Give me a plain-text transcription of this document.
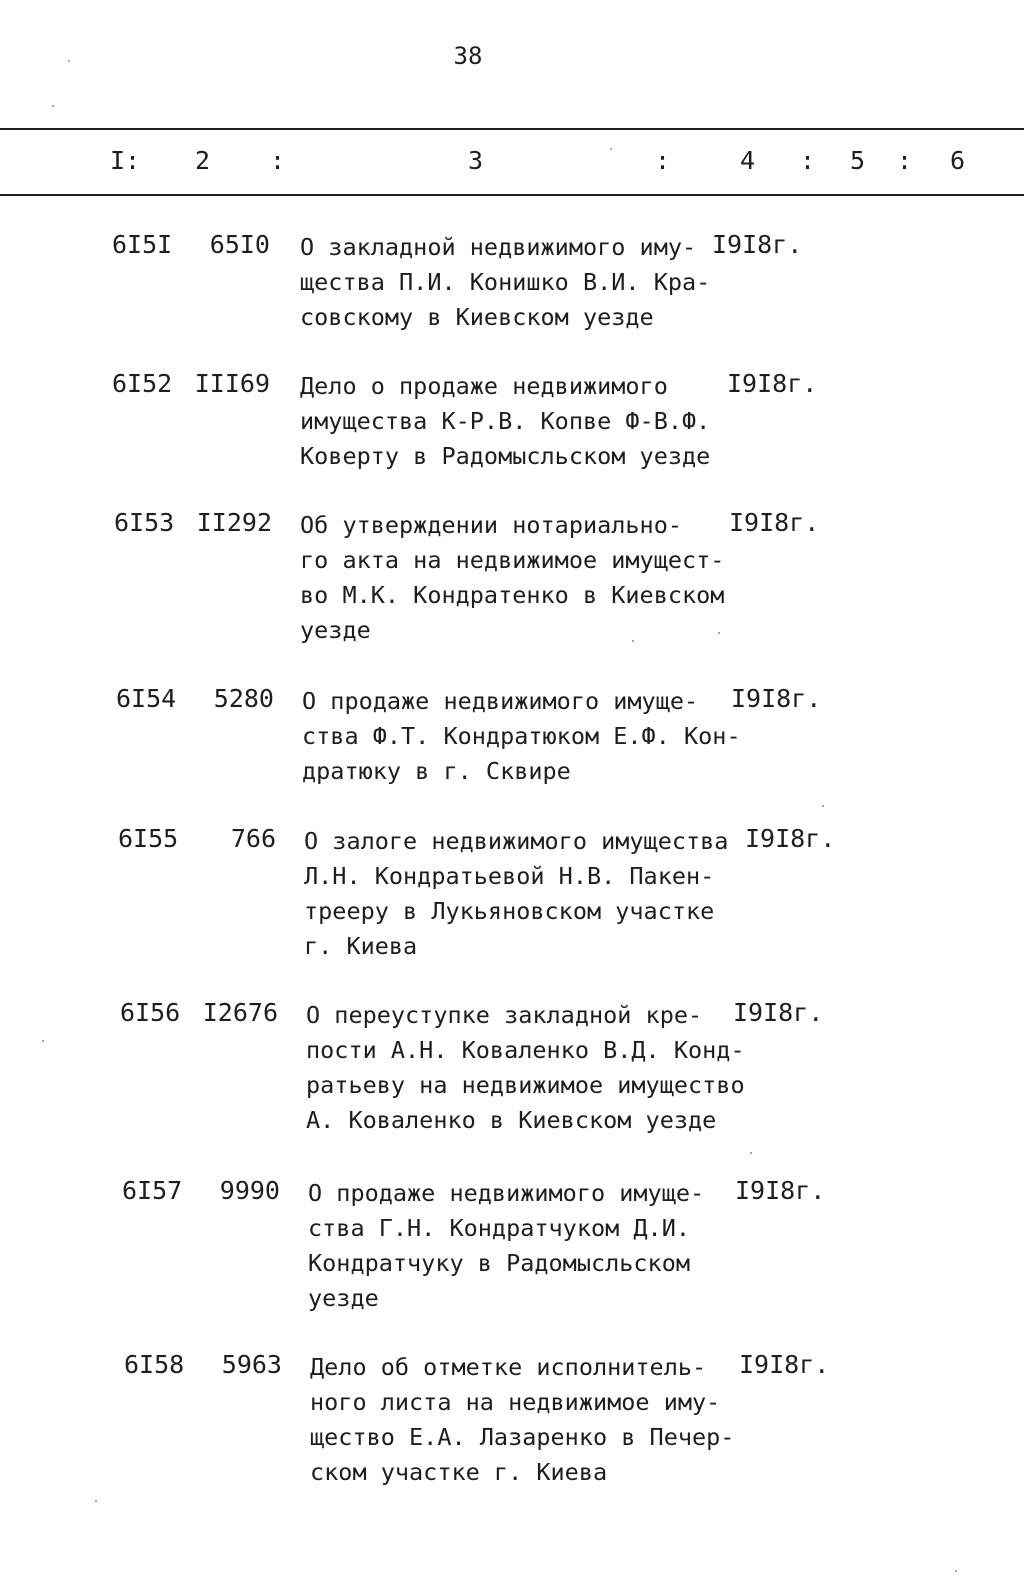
38
I: 2 :	3	:	4 : 5 : 6
6I5I	65I0 О закладной недвижимого иму-
щества П.И. Конишко В.И. Кра-
совскому в Киевском уезде
I9I8г.
6I52 III69 Дело о продаже недвижимого
имущества К-Р.В. Копве Ф-В.Ф.
Коверту в Радомысльском уезде
I9I8г.
6I53 II292 Об утверждении нотариально-
го акта на недвижимое имущест-
во М.К. Кондратенко в Киевском
уезде
I9I8г.
6I54	5280 О продаже недвижимого имуще-
ства Ф.Т. Кондратюком Е.Ф. Кон-
дратюку в г. Сквире
I9I8г.
6I55	766 О залоге недвижимого имущества
Л.Н. Кондратьевой Н.В. Пакен-
трееру в Лукьяновском участке
г. Киева
I9I8г.
6I56 I2676 О переуступке закладной кре-
пости А.Н. Коваленко В.Д. Конд-
ратьеву на недвижимое имущество
А. Коваленко в Киевском уезде
I9I8г.
6I57	9990 О продаже недвижимого имуще-
ства Г.Н. Кондратчуком Д.И.
Кондратчуку в Радомысльском
уезде
I9I8г.
6I58	5963 Дело об отметке исполнитель-
ного листа на недвижимое иму-
щество Е.А. Лазаренко в Печер-
ском участке г. Киева
I9I8г.
